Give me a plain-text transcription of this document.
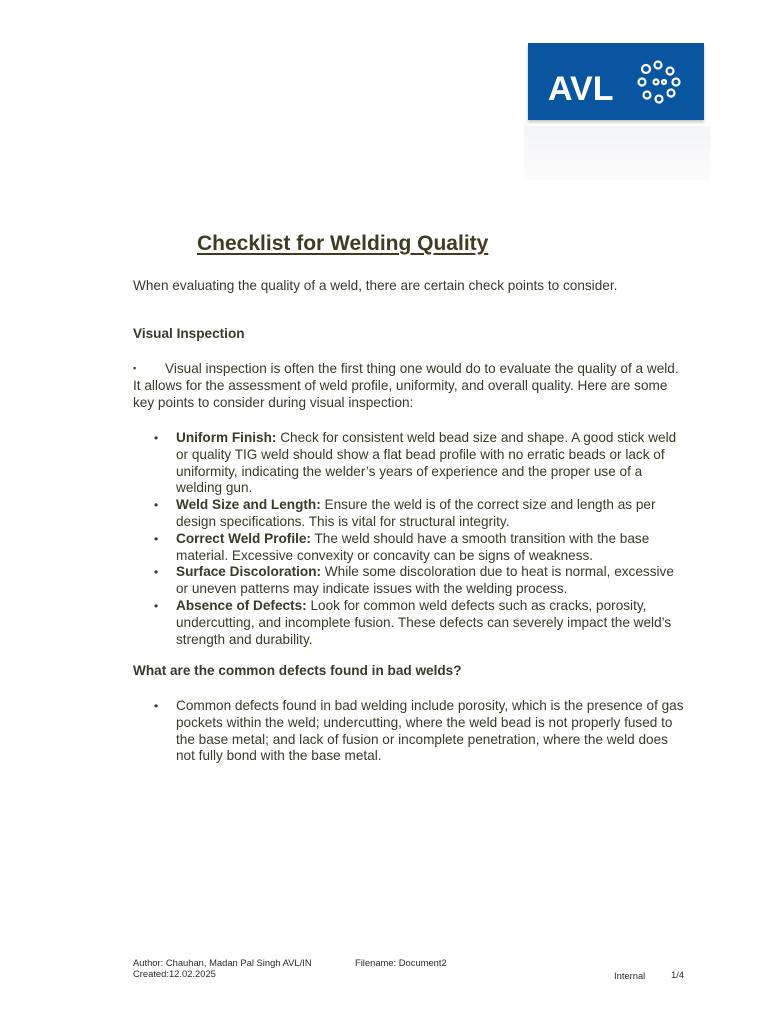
AVL
Checklist for Welding Quality
When evaluating the quality of a weld, there are certain check points to consider.
Visual Inspection
▪ Visual inspection is often the first thing one would do to evaluate the quality of a weld. It allows for the assessment of weld profile, uniformity, and overall quality. Here are some key points to consider during visual inspection:
• Uniform Finish: Check for consistent weld bead size and shape. A good stick weld or quality TIG weld should show a flat bead profile with no erratic beads or lack of uniformity, indicating the welder’s years of experience and the proper use of a welding gun.
• Weld Size and Length: Ensure the weld is of the correct size and length as per design specifications. This is vital for structural integrity.
• Correct Weld Profile: The weld should have a smooth transition with the base material. Excessive convexity or concavity can be signs of weakness.
• Surface Discoloration: While some discoloration due to heat is normal, excessive or uneven patterns may indicate issues with the welding process.
• Absence of Defects: Look for common weld defects such as cracks, porosity, undercutting, and incomplete fusion. These defects can severely impact the weld’s strength and durability.
What are the common defects found in bad welds?
• Common defects found in bad welding include porosity, which is the presence of gas pockets within the weld; undercutting, where the weld bead is not properly fused to the base metal; and lack of fusion or incomplete penetration, where the weld does not fully bond with the base metal.
Author: Chauhan, Madan Pal Singh AVL/IN
Created:12.02.2025
Filename: Document2
Internal	1/4
